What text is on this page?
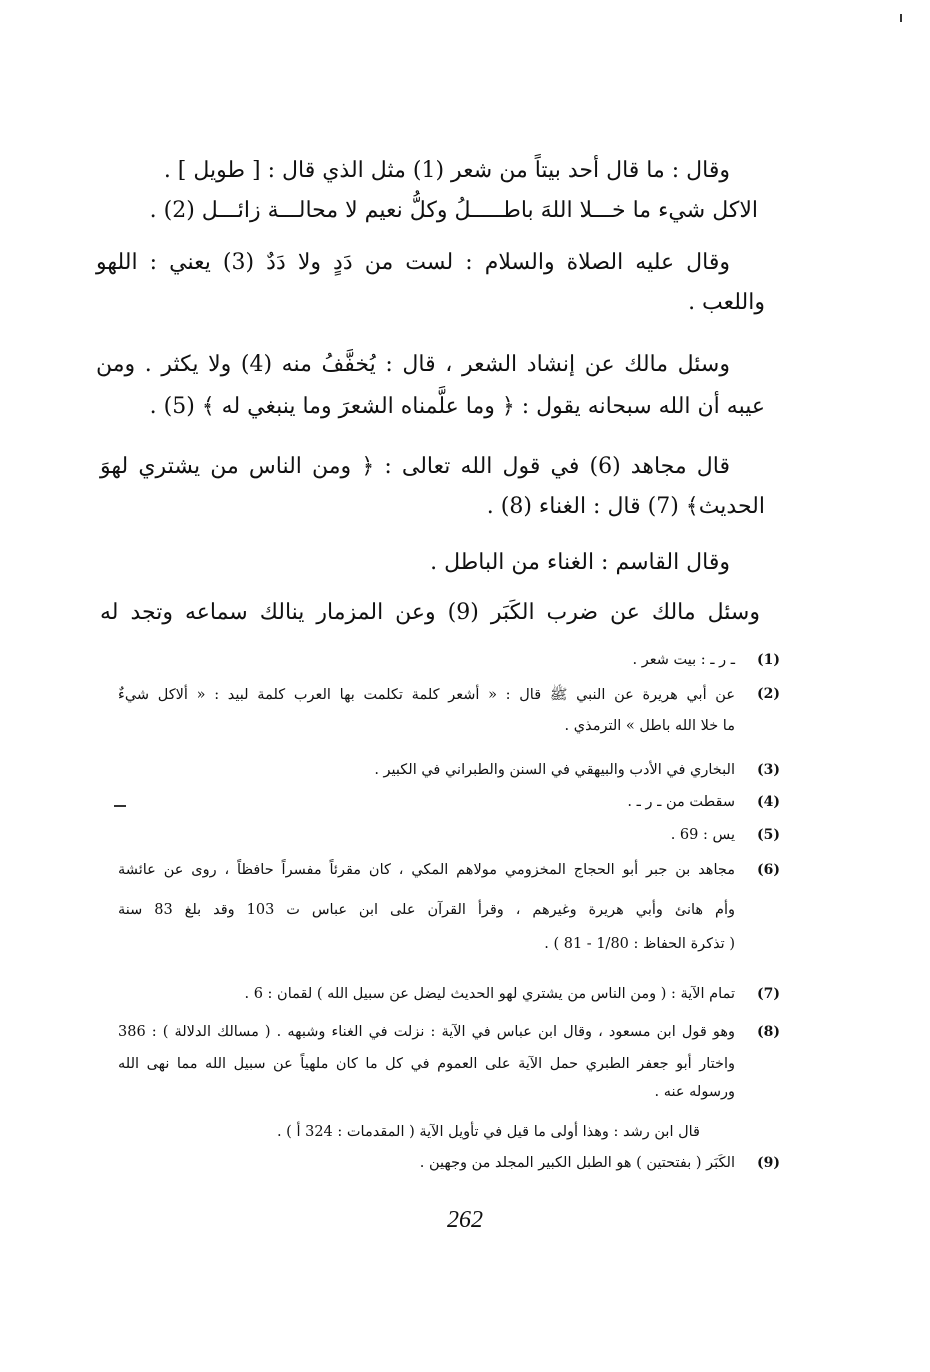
وقال : ما قال أحد بيتاً من شعر (1) مثل الذي قال : [ طويل ] .
الاكل شيء ما خـــلا اللهَ باطـــــلُ وكلُّ نعيم لا محالـــة زائـــل (2) .
وقال عليه الصلاة والسلام : لست من دَدٍ ولا دَدٌ (3) يعني : اللهو
واللعب .
وسئل مالك عن إنشاد الشعر ، قال : يُخفَّفُ منه (4) ولا يكثر . ومن
عيبه أن الله سبحانه يقول : ﴿ وما علَّمناه الشعرَ وما ينبغي له ﴾ (5) .
قال مجاهد (6) في قول الله تعالى : ﴿ ومن الناس من يشتري لهوَ
الحديث﴾ (7) قال : الغناء (8) .
وقال القاسم : الغناء من الباطل .
وسئل مالك عن ضرب الكَبَر (9) وعن المزمار ينالك سماعه وتجد له
(1)
ـ ر ـ : بيت شعر .
(2)
عن أبي هريرة عن النبي ﷺ قال : « أشعر كلمة تكلمت بها العرب كلمة لبيد : « ألاكل شيءٌ
ما خلا الله باطل » الترمذي .
(3)
البخاري في الأدب والبيهقي في السنن والطبراني في الكبير .
(4)
سقطت من ـ ر ـ .
(5)
يس : 69 .
(6)
مجاهد بن جبر أبو الحجاج المخزومي مولاهم المكي ، كان مقرئاً مفسراً حافظاً ، روى عن عائشة
وأم هانئ وأبي هريرة وغيرهم ، وقرأ القرآن على ابن عباس ت 103 وقد بلغ 83 سنة
( تذكرة الحفاظ : 1/80 - 81 ) .
(7)
تمام الآية : ( ومن الناس من يشتري لهو الحديث ليضل عن سبيل الله ) لقمان : 6 .
(8)
وهو قول ابن مسعود ، وقال ابن عباس في الآية : نزلت في الغناء وشبهه . ( مسالك الدلالة ) : 386
واختار أبو جعفر الطبري حمل الآية على العموم في كل ما كان ملهياً عن سبيل الله مما نهى الله
ورسوله عنه .
قال ابن رشد : وهذا أولى ما قيل في تأويل الآية ( المقدمات : 324 أ ) .
(9)
الكَبَر ( بفتحتين ) هو الطبل الكبير المجلد من وجهين .
262
